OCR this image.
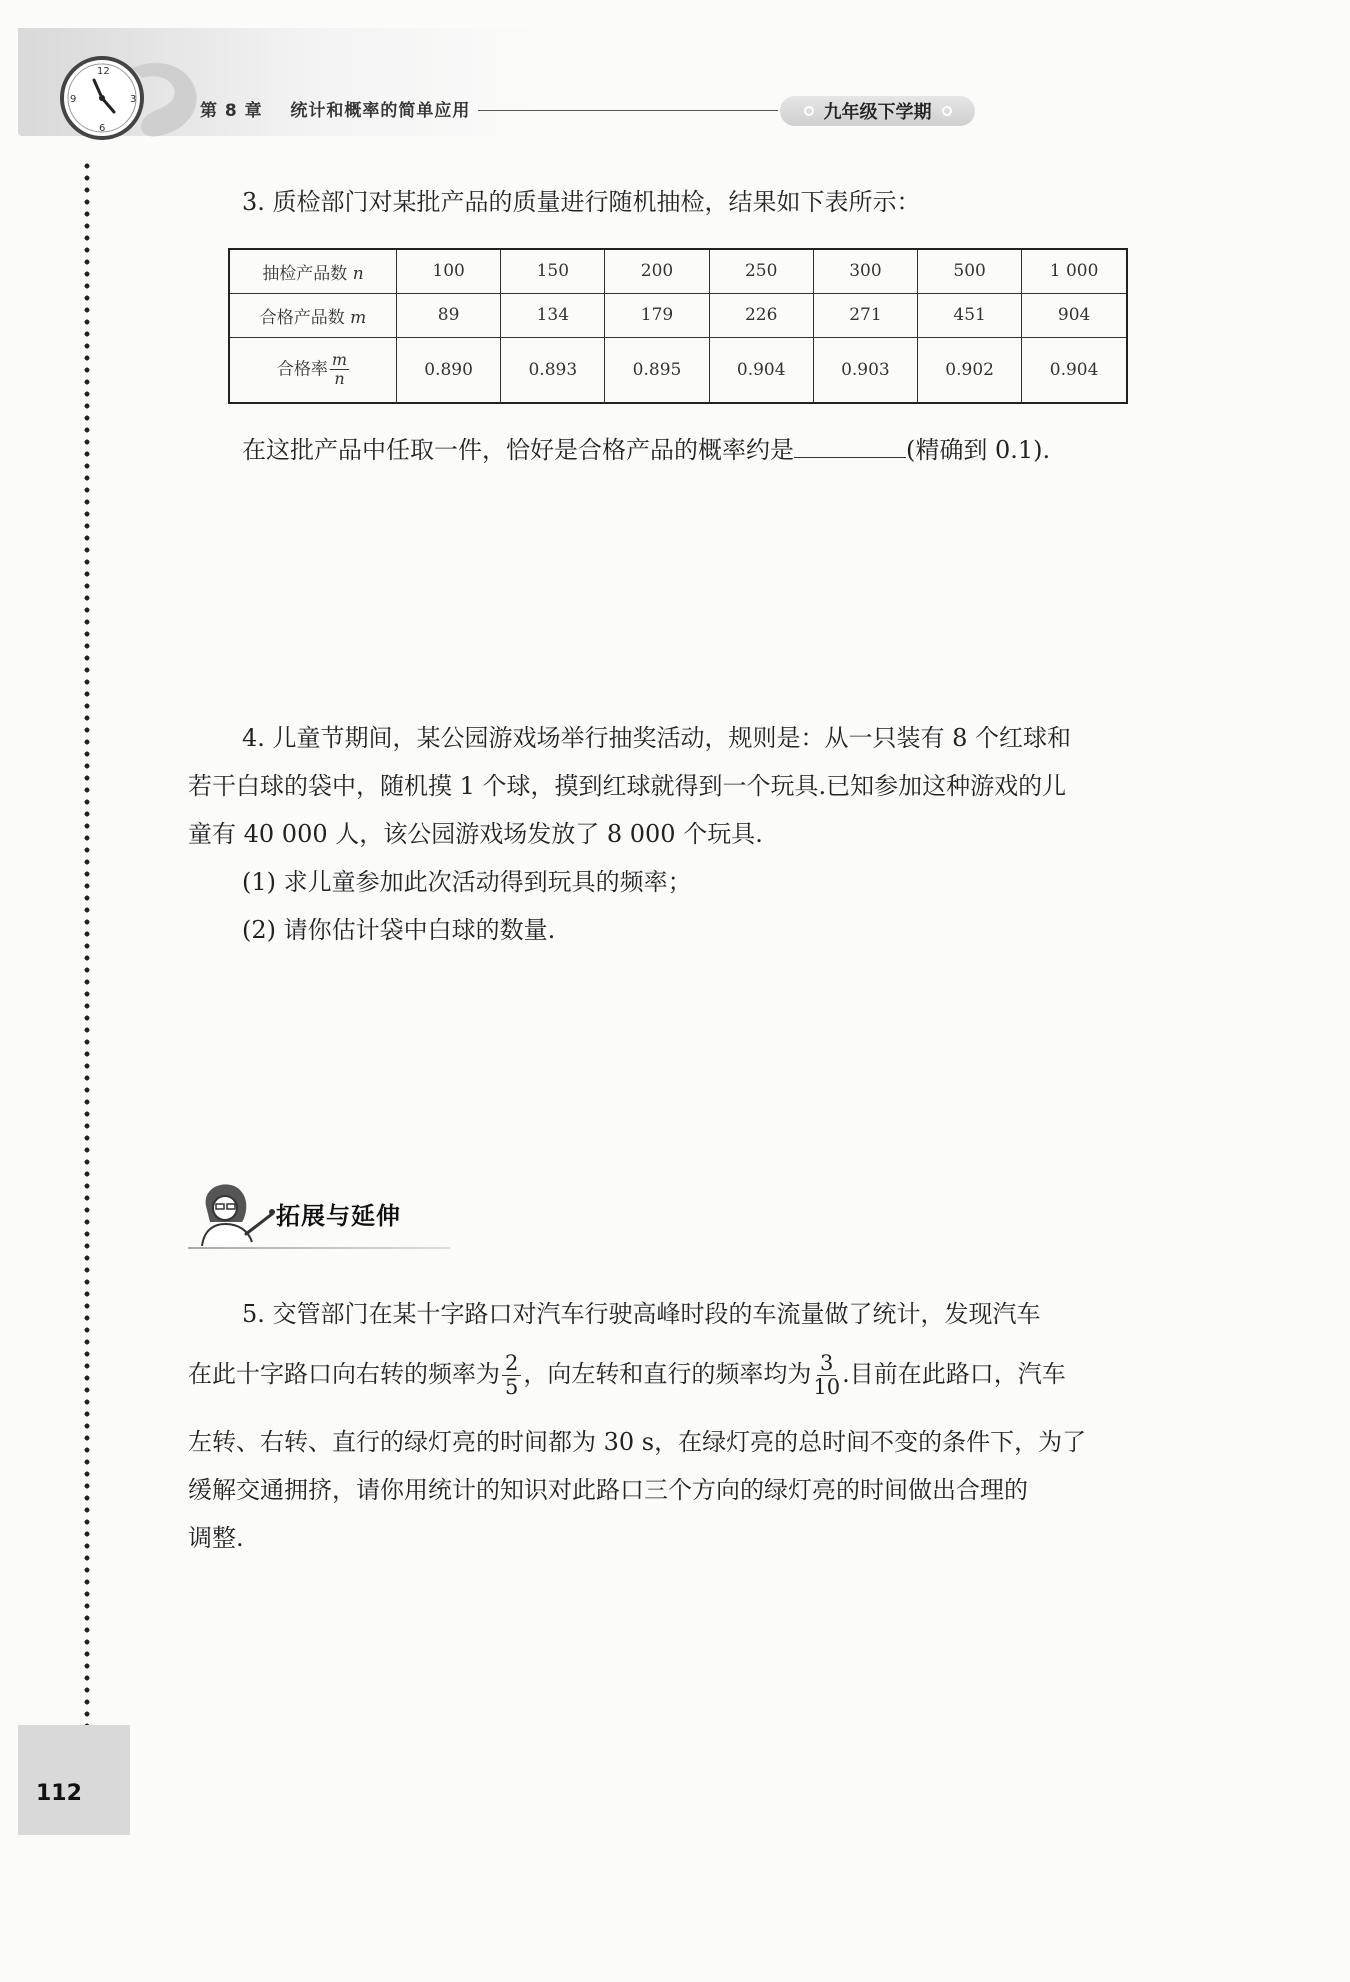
12
3
6
9
第 8 章 统计和概率的简单应用	九年级下学期
3. 质检部门对某批产品的质量进行随机抽检，结果如下表所示：
抽检产品数 n	100	150	200	250	300	500	1 000
合格产品数 m	89	134	179	226	271	451	904
合格率 $\frac{m}{n}$	0.890	0.893	0.895	0.904	0.903	0.902	0.904
在这批产品中任取一件，恰好是合格产品的概率约是	(精确到 0.1).
4. 儿童节期间，某公园游戏场举行抽奖活动，规则是：从一只装有 8 个红球和
若干白球的袋中，随机摸 1 个球，摸到红球就得到一个玩具.已知参加这种游戏的儿
童有 40 000 人，该公园游戏场发放了 8 000 个玩具.
(1) 求儿童参加此次活动得到玩具的频率；
(2) 请你估计袋中白球的数量.
拓展与延伸
5. 交管部门在某十字路口对汽车行驶高峰时段的车流量做了统计，发现汽车
在此十字路口向右转的频率为 $\frac{2}{5}$ ，向左转和直行的频率均为 $\frac{3}{10}$ .目前在此路口，汽车
左转、右转、直行的绿灯亮的时间都为 30 s，在绿灯亮的总时间不变的条件下，为了
缓解交通拥挤，请你用统计的知识对此路口三个方向的绿灯亮的时间做出合理的
调整.
112
